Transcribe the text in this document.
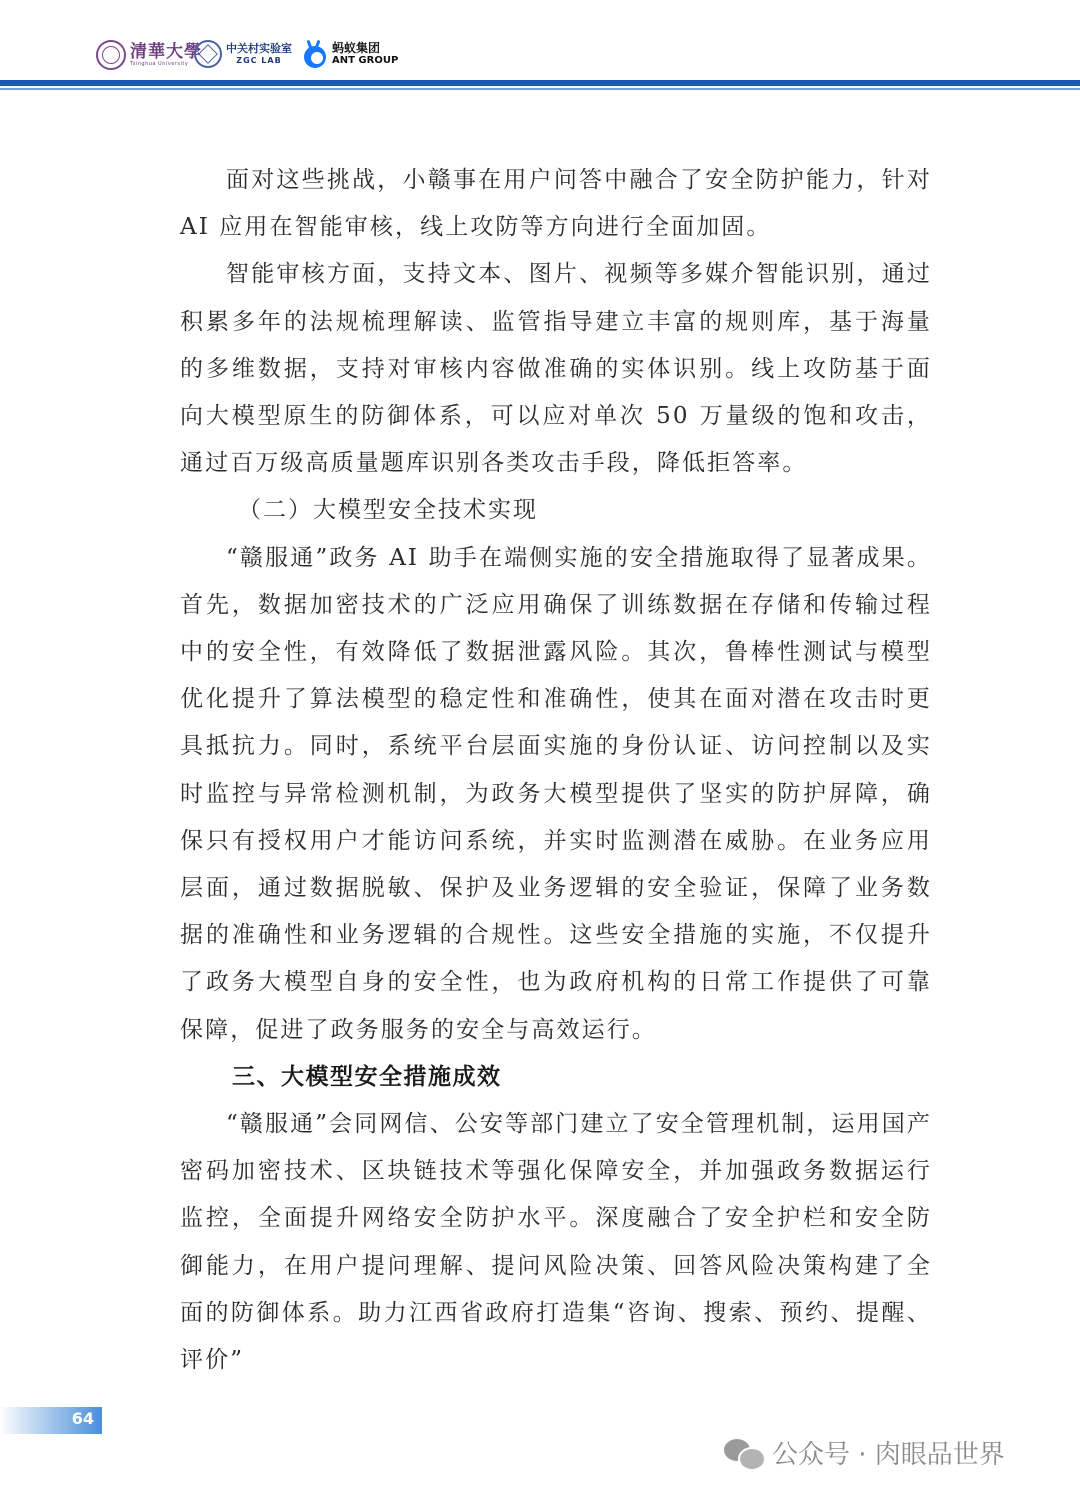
清華大學
Tsinghua University
中关村实验室
ZGC LAB
蚂蚁集团
ANT GROUP

面对这些挑战，小赣事在用户问答中融合了安全防护能力，针对AI 应用在智能审核，线上攻防等方向进行全面加固。

智能审核方面，支持文本、图片、视频等多媒介智能识别，通过积累多年的法规梳理解读、监管指导建立丰富的规则库，基于海量的多维数据，支持对审核内容做准确的实体识别。线上攻防基于面向大模型原生的防御体系，可以应对单次 50 万量级的饱和攻击，通过百万级高质量题库识别各类攻击手段，降低拒答率。

（二）大模型安全技术实现

“赣服通”政务 AI 助手在端侧实施的安全措施取得了显著成果。首先，数据加密技术的广泛应用确保了训练数据在存储和传输过程中的安全性，有效降低了数据泄露风险。其次，鲁棒性测试与模型优化提升了算法模型的稳定性和准确性，使其在面对潜在攻击时更具抵抗力。同时，系统平台层面实施的身份认证、访问控制以及实时监控与异常检测机制，为政务大模型提供了坚实的防护屏障，确保只有授权用户才能访问系统，并实时监测潜在威胁。在业务应用层面，通过数据脱敏、保护及业务逻辑的安全验证，保障了业务数据的准确性和业务逻辑的合规性。这些安全措施的实施，不仅提升了政务大模型自身的安全性，也为政府机构的日常工作提供了可靠保障，促进了政务服务的安全与高效运行。

三、大模型安全措施成效

“赣服通”会同网信、公安等部门建立了安全管理机制，运用国产密码加密技术、区块链技术等强化保障安全，并加强政务数据运行监控，全面提升网络安全防护水平。深度融合了安全护栏和安全防御能力，在用户提问理解、提问风险决策、回答风险决策构建了全面的防御体系。助力江西省政府打造集“咨询、搜索、预约、提醒、评价”

64
公众号 · 肉眼品世界
